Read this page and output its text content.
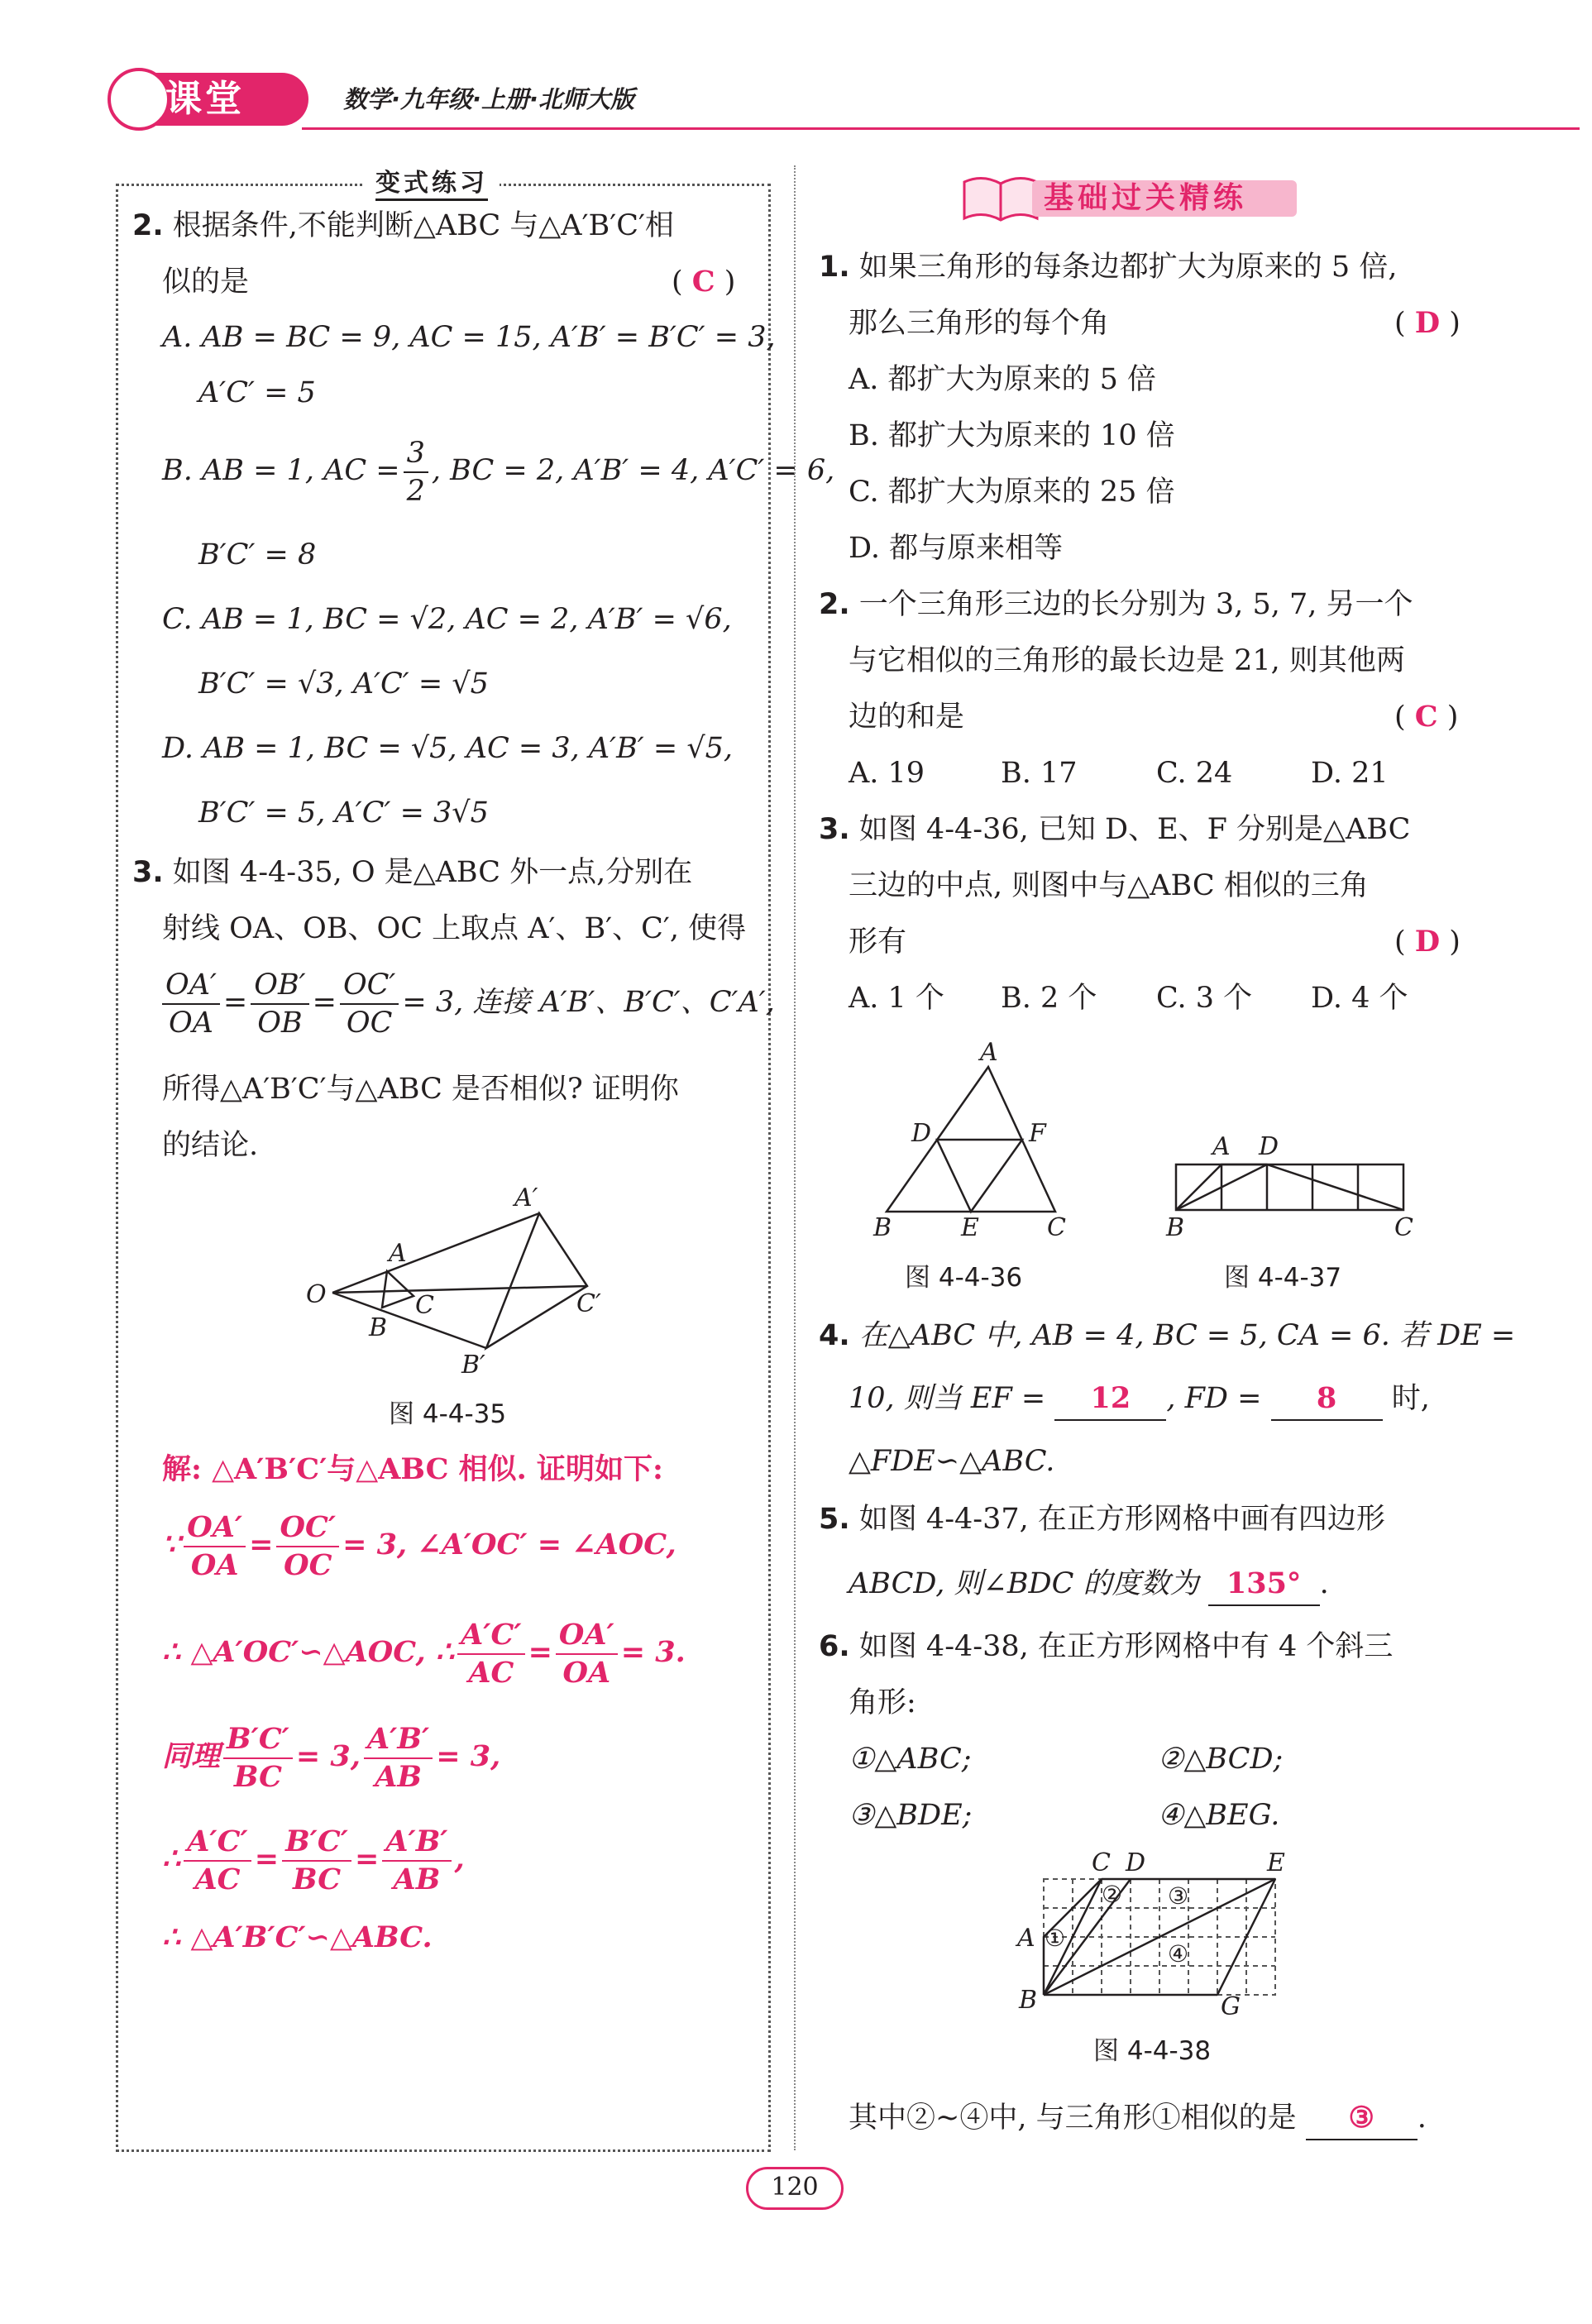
新课堂	数学·九年级·上册·北师大版
变式练习
2. 根据条件,不能判断△ABC 与△A′B′C′相
似的是	( C )
A. AB = BC = 9, AC = 15, A′B′ = B′C′ = 3,
A′C′ = 5
B. AB = 1, AC = $\frac{3}{2}$ , BC = 2, A′B′ = 4, A′C′ = 6,
B′C′ = 8
C. AB = 1, BC = √2, AC = 2, A′B′ = √6,
B′C′ = √3, A′C′ = √5
D. AB = 1, BC = √5, AC = 3, A′B′ = √5,
B′C′ = 5, A′C′ = 3√5
3. 如图 4-4-35, O 是△ABC 外一点,分别在
射线 OA、OB、OC 上取点 A′、B′、C′, 使得
$\frac{OA'}{OA} = \frac{OB'}{OB} = \frac{OC'}{OC} = 3$, 连接 A′B′、B′C′、C′A′,
所得△A′B′C′与△ABC 是否相似? 证明你
的结论.
A
C
O
B
A′
C′
B′
图 4-4-35
解: △A′B′C′与△ABC 相似. 证明如下:
∵ $\frac{OA'}{OA} = \frac{OC'}{OC} = 3$, ∠A′OC′ = ∠AOC,
∴ △A′OC′∽△AOC, ∴ $\frac{A'C'}{AC} = \frac{OA'}{OA} = 3$.
同理 $\frac{B'C'}{BC} = 3$, $\frac{A'B'}{AB} = 3$,
∴ $\frac{A'C'}{AC} = \frac{B'C'}{BC} = \frac{A'B'}{AB}$ ,
∴ △A′B′C′∽△ABC.
基础过关精练
1. 如果三角形的每条边都扩大为原来的 5 倍,
那么三角形的每个角	( D )
A. 都扩大为原来的 5 倍
B. 都扩大为原来的 10 倍
C. 都扩大为原来的 25 倍
D. 都与原来相等
2. 一个三角形三边的长分别为 3, 5, 7, 另一个
与它相似的三角形的最长边是 21, 则其他两
边的和是	( C )
A. 19	B. 17	C. 24	D. 21
3. 如图 4-4-36, 已知 D、E、F 分别是△ABC
三边的中点, 则图中与△ABC 相似的三角
形有	( D )
A. 1 个 B. 2 个 C. 3 个 D. 4 个
A
D	F
B	E	C
图 4-4-36
A D
B	C
图 4-4-37
4. 在△ABC 中, AB = 4, BC = 5, CA = 6. 若 DE =
10, 则当 EF = 12 , FD = 8 时,
△FDE∽△ABC.
5. 如图 4-4-37, 在正方形网格中画有四边形
ABCD, 则∠BDC 的度数为 135° .
6. 如图 4-4-38, 在正方形网格中有 4 个斜三
角形:
①△ABC;	②△BCD;
③△BDE;	④△BEG.
C D	E
A
B	G
①
② ③
④
图 4-4-38
其中②~④中, 与三角形①相似的是 ③ .
120
